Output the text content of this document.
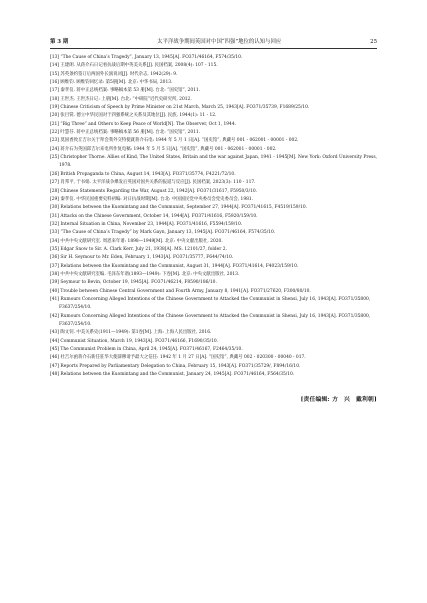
第 3 期	太平洋战争期间英国对中国“四强”地位的认知与回应	25
[13] “The Cause of China’s Tragedy”, January 13, 1945[A]. FO371/46164, F574/35/10.
[14] 王建朗. 从蒋介石日记看抗战后期中英美关系[J]. 民国档案, 2008(4): 107 - 115.
[15] 苏英条约签订后两国外长演说词[J]. 时代杂志, 1942(29): 9.
[16] 顾维钧. 顾维钧回忆录: 第5册[M]. 北京: 中华书局, 2013.
[17] 秦孝仪. 蒋中正总统档案: 事略稿本第 53 册[M]. 台北: “国史馆”, 2011.
[18] 王世杰. 王世杰日记: 上册[M]. 台北: “中研院”近代史研究所, 2012.
[19] Chinese Criticism of Speech by Prime Minister on 21st March, March 25, 1943[A]. FO371/35739, F1689/25/10.
[20] 张目铣. 德立中华民国对于四强系统之关系及其地位[J]. 民族, 1944(1): 11 - 12.
[21] “Big Three” and Others to Keep Peace of World[N]. The Observer, Oct 1, 1944.
[22] 叶慧芬. 蒋中正总统档案: 事略稿本第 56 册[M]. 台北: “国史馆”, 2011.
[23] 莫国香致丘吉尔关于拜会我外交特使就蒋介石电: 1944 年 5 月 1 日[A]. “国史馆”, 典藏号 001 - 062001 - 00001 - 002.
[24] 蒋介石为英国邱吉尔来电所作复电稿: 1944 年 5 月 5 日[A]. “国史馆”, 典藏号 001 - 062001 - 00001 - 002.
[25] Christopher Thorne. Allies of Kind, The United States, Britain and the war against Japan, 1941 - 1945[M]. New York: Oxford University Press, 1978.
[26] British Propaganda to China, August 14, 1943[A]. FO371/35774, F4221/72/10.
[27] 肖邦平, 于书娟. 太平洋战争爆发后英国对国共关系的报道与反应[J]. 民国档案, 2023(3): 110 - 117.
[28] Chinese Statements Regarding the War, August 22, 1942[A]. FO371/31617, F5950/3/10.
[29] 秦孝仪. 中华民国重要史料初编: 对日抗战时期[M]. 台北: 中国国民党中央委员会党史委员会, 1981.
[30] Relations between the Kuomintang and the Communist, September 27, 1944[A]. FO371/41615, F4519/159/10.
[31] Attacks on the Chinese Government, October 14, 1944[A]. FO371/41616, F5920/159/10.
[32] Internal Situation in China, November 23, 1944[A]. FO371/41616, F5594/159/10.
[33] “The Cause of China’s Tragedy” by Mark Gayn, January 13, 1945[A]. FO371/46164, F574/35/10.
[34] 中共中央文献研究室. 周恩来年谱: 1898—1949[M]. 北京: 中央文献出版社, 2020.
[35] Edgar Snow to Sir. A. Clark Kerr, July 21, 1938[A]. MS. 12101/27, folder 2.
[36] Sir H. Seymour to Mr. Eden, February 1, 1943[A]. FO371/35777, F644/74/10.
[37] Relations between the Kuomintang and the Communist, August 31, 1944[A]. FO371/41614, F4023/159/10.
[38] 中共中央文献研究室编. 毛泽东年谱(1893—1949): 下卷[M]. 北京: 中央文献出版社, 2013.
[39] Seymour to Bevin, October 19, 1945[A]. FO371/46214, F8590/186/10.
[40] Trouble between Chinese Central Government and Fourth Army, January 8, 1941[A]. FO371/27620, F300/80/10.
[41] Rumours Concerning Alleged Intentions of the Chinese Government to Attacked the Communist in Shensi, July 16, 1943[A]. FO371/35800, F3637/254/10.
[42] Rumours Concerning Alleged Intentions of the Chinese Government to Attacked the Communist in Shensi, July 16, 1943[A]. FO371/35800, F3637/254/10.
[43] 陶文钊. 中美关系史(1911—1949): 第1卷[M]. 上海: 上海人民出版社, 2016.
[44] Communist Situation, March 19, 1943[A]. FO371/46166, F1690/35/10.
[45] The Communist Problem in China, April 24, 1945[A]. FO371/46167, F2464/35/10.
[46] 杜吉尔函蒋介石新任驻华大使薛穆请予最大之信任: 1942 年 1 月 27 日[A]. “国史馆”, 典藏号 002 - 020300 - 00040 - 017.
[47] Reports Prepared by Parliamentary Delegation to China, February 15, 1943[A]. FO371/35729/, F894/16/10.
[48] Relations between the Kuomintang and the Communist, January 24, 1945[A]. FO371/46164, F564/35/10.
[责任编辑: 方　兴　戴利朝]
